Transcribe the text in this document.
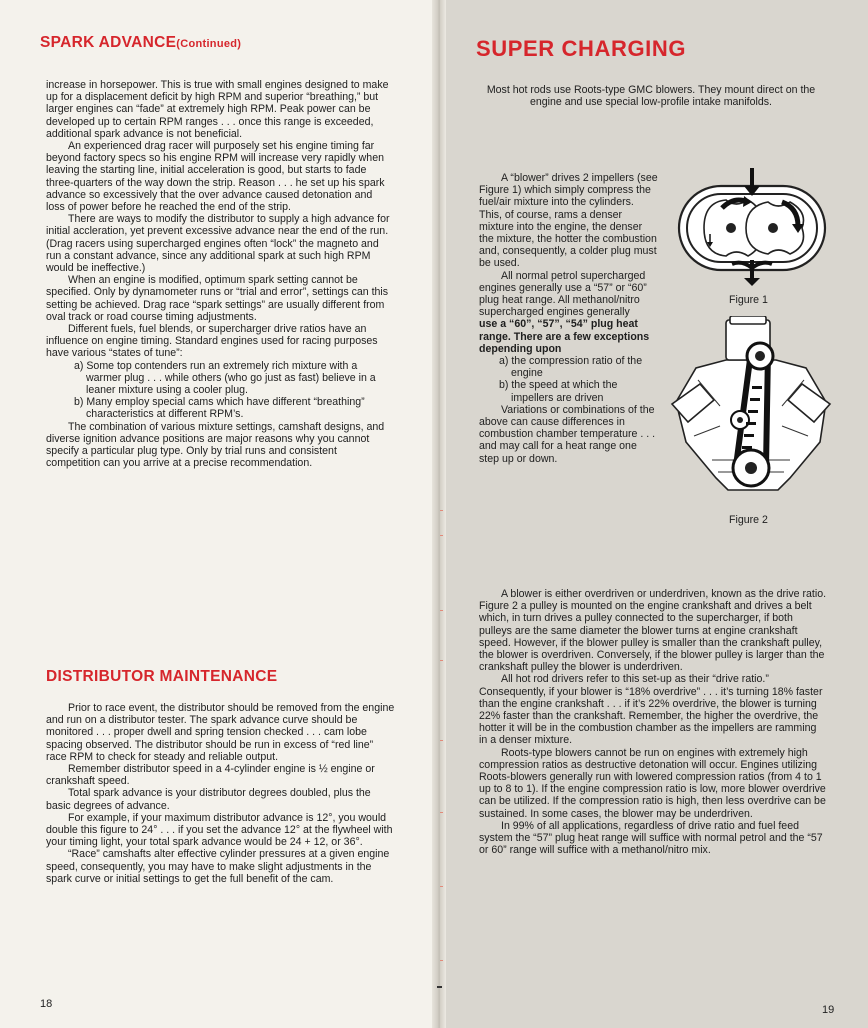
SPARK ADVANCE(Continued)

increase in horsepower. This is true with small engines designed to make up for a displacement deficit by high RPM and superior “breathing,” but larger engines can “fade” at extremely high RPM. Peak power can be developed up to certain RPM ranges . . . once this range is exceeded, additional spark advance is not beneficial.

An experienced drag racer will purposely set his engine timing far beyond factory specs so his engine RPM will increase very rapidly when leaving the starting line, initial acceleration is good, but starts to fade three-quarters of the way down the strip. Reason . . . he set up his spark advance so excessively that the over advance caused detonation and loss of power before he reached the end of the strip.

There are ways to modify the distributor to supply a high advance for initial accleration, yet prevent excessive advance near the end of the run. (Drag racers using supercharged engines often “lock” the magneto and run a constant advance, since any additional spark at such high RPM would be ineffective.)

When an engine is modified, optimum spark setting cannot be specified. Only by dynamometer runs or “trial and error”, settings can this setting be achieved. Drag race “spark settings” are usually different from oval track or road course timing adjustments.

Different fuels, fuel blends, or supercharger drive ratios have an influence on engine timing. Standard engines used for racing purposes have various “states of tune”:

a) Some top contenders run an extremely rich mixture with a warmer plug . . . while others (who go just as fast) believe in a leaner mixture using a cooler plug.

b) Many employ special cams which have different “breathing” characteristics at different RPM’s.

The combination of various mixture settings, camshaft designs, and diverse ignition advance positions are major reasons why you cannot specify a particular plug type. Only by trial runs and consistent competition can you arrive at a precise recommendation.

DISTRIBUTOR MAINTENANCE

Prior to race event, the distributor should be removed from the engine and run on a distributor tester. The spark advance curve should be monitored . . . proper dwell and spring tension checked . . . cam lobe spacing observed. The distributor should be run in excess of “red line” race RPM to check for steady and reliable output.

Remember distributor speed in a 4-cylinder engine is ½ engine or crankshaft speed.

Total spark advance is your distributor degrees doubled, plus the basic degrees of advance.

For example, if your maximum distributor advance is 12°, you would double this figure to 24° . . . if you set the advance 12° at the flywheel with your timing light, your total spark advance would be 24 + 12, or 36°.

“Race” camshafts alter effective cylinder pressures at a given engine speed, consequently, you may have to make slight adjustments in the spark curve or initial settings to get the full benefit of the cam.

18
SUPER CHARGING
Most hot rods use Roots-type GMC blowers. They mount direct on the engine and use special low-profile intake manifolds.

A “blower” drives 2 impellers (see Figure 1) which simply compress the fuel/air mixture into the cylinders. This, of course, rams a denser mixture into the engine, the denser the mixture, the hotter the combustion and, consequently, a colder plug must be used.

All normal petrol supercharged engines generally use a “57” or “60” plug heat range. All methanol/nitro supercharged engines generally

use a “60”, “57”, “54” plug heat range. There are a few exceptions depending upon

a) the compression ratio of the engine

b) the speed at which the impellers are driven

Variations or combinations of the above can cause differences in combustion chamber temperature . . . and may call for a heat range one step up or down.

Figure 1
Figure 2

A blower is either overdriven or underdriven, known as the drive ratio. Figure 2 a pulley is mounted on the engine crankshaft and drives a belt which, in turn drives a pulley connected to the supercharger, if both pulleys are the same diameter the blower turns at engine crankshaft speed. However, if the blower pulley is smaller than the crankshaft pulley, the blower is overdriven. Conversely, if the blower pulley is larger than the crankshaft pulley the blower is underdriven.

All hot rod drivers refer to this set-up as their “drive ratio.” Consequently, if your blower is “18% overdrive” . . . it’s turning 18% faster than the engine crankshaft . . . if it’s 22% overdrive, the blower is turning 22% faster than the crankshaft. Remember, the higher the overdrive, the hotter it will be in the combustion chamber as the impellers are ramming in a denser mixture.

Roots-type blowers cannot be run on engines with extremely high compression ratios as destructive detonation will occur. Engines utilizing Roots-blowers generally run with lowered compression ratios (from 4 to 1 up to 8 to 1). If the engine compression ratio is low, more blower overdrive can be utilized. If the compression ratio is high, then less overdrive can be sustained. In some cases, the blower may be underdriven.

In 99% of all applications, regardless of drive ratio and fuel feed system the “57” plug heat range will suffice with normal petrol and the “57 or 60” range will suffice with a methanol/nitro mix.

19
